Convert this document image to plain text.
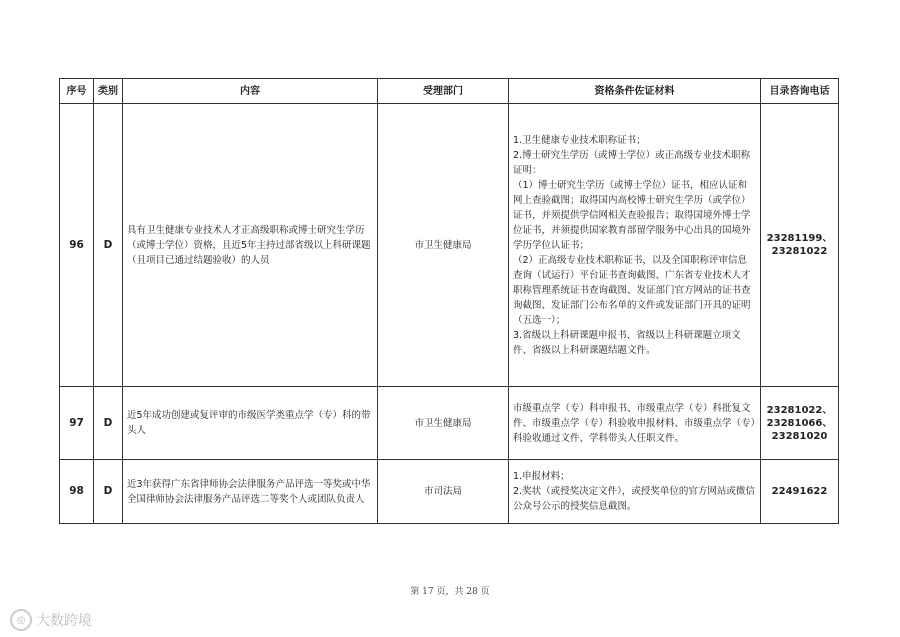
序号	类别	内容	受理部门	资格条件佐证材料	目录咨询电话
96	D	具有卫生健康专业技术人才正高级职称或博士研究生学历（或博士学位）资格，且近5年主持过部省级以上科研课题（且项目已通过结题验收）的人员	市卫生健康局	1.卫生健康专业技术职称证书；
2.博士研究生学历（或博士学位）或正高级专业技术职称证明：
（1）博士研究生学历（或博士学位）证书，相应认证和网上查验截图；取得国内高校博士研究生学历（或学位）证书，并须提供学信网相关查验报告；取得国境外博士学位证书，并须提供国家教育部留学服务中心出具的国境外学历学位认证书；
（2）正高级专业技术职称证书，以及全国职称评审信息查询（试运行）平台证书查询截图、广东省专业技术人才职称管理系统证书查询截图、发证部门官方网站的证书查询截图、发证部门公布名单的文件或发证部门开具的证明（五选一）；
3.省级以上科研课题申报书、省级以上科研课题立项文件、省级以上科研课题结题文件。	23281199、
23281022

97	D	近5年成功创建或复评审的市级医学类重点学（专）科的带头人	市卫生健康局	市级重点学（专）科申报书、市级重点学（专）科批复文件、市级重点学（专）科验收申报材料、市级重点学（专）科验收通过文件、学科带头人任职文件。	23281022、
23281066、
23281020

98	D	近3年获得广东省律师协会法律服务产品评选一等奖或中华全国律师协会法律服务产品评选二等奖个人或团队负责人	市司法局	1.申报材料；
2.奖状（或授奖决定文件），或授奖单位的官方网站或微信公众号公示的授奖信息截图。	22491622
第 17 页，共 28 页
◎ 大数跨境
